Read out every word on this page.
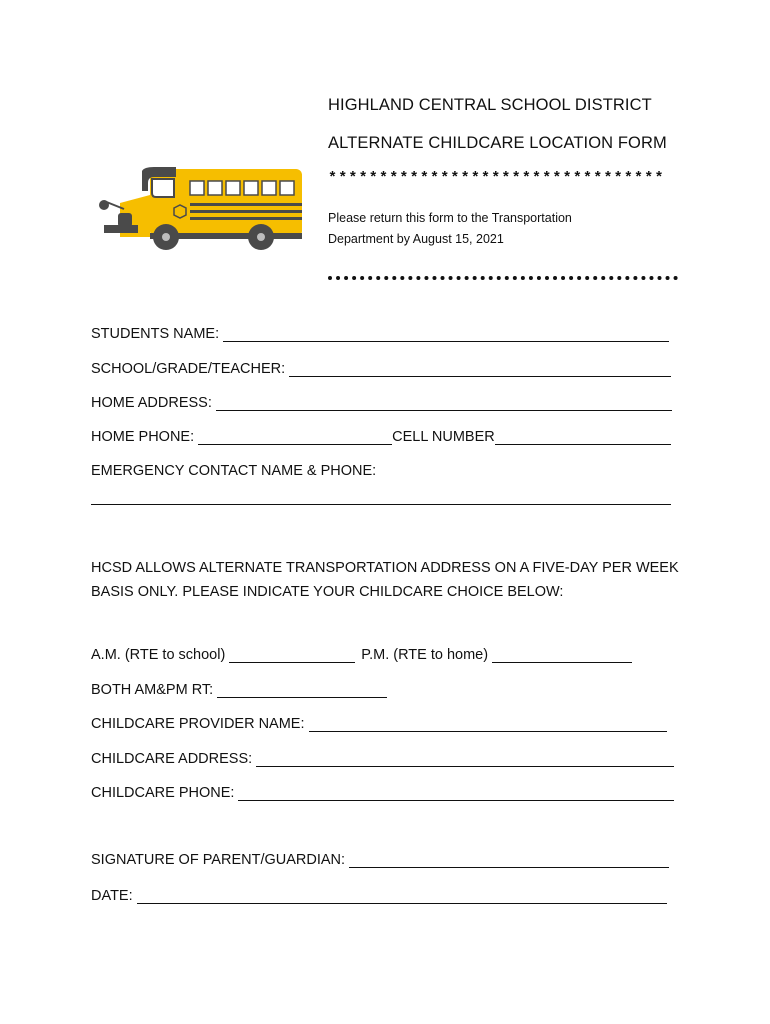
HIGHLAND CENTRAL SCHOOL DISTRICT
ALTERNATE CHILDCARE LOCATION FORM
*********************************
Please return this form to the Transportation
Department by August 15, 2021
STUDENTS NAME:
SCHOOL/GRADE/TEACHER:
HOME ADDRESS:
HOME PHONE:	CELL NUMBER
EMERGENCY CONTACT NAME & PHONE:
HCSD ALLOWS ALTERNATE TRANSPORTATION ADDRESS ON A FIVE-DAY PER WEEK
BASIS ONLY. PLEASE INDICATE YOUR CHILDCARE CHOICE BELOW:
A.M. (RTE to school)	P.M. (RTE to home)
BOTH AM&PM RT:
CHILDCARE PROVIDER NAME:
CHILDCARE ADDRESS:
CHILDCARE PHONE:
SIGNATURE OF PARENT/GUARDIAN:
DATE:
